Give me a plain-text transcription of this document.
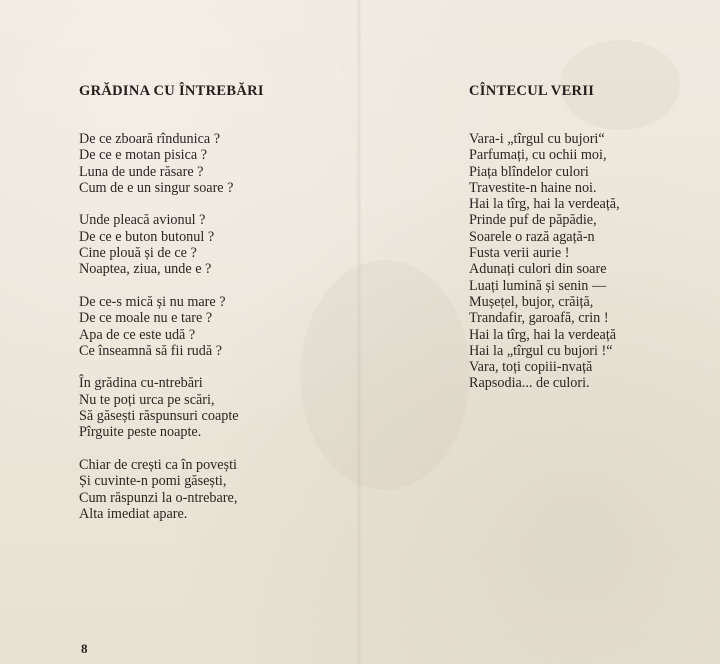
GRĂDINA CU ÎNTREBĂRI
De ce zboară rîndunica ?
De ce e motan pisica ?
Luna de unde răsare ?
Cum de e un singur soare ?
Unde pleacă avionul ?
De ce e buton butonul ?
Cine plouă și de ce ?
Noaptea, ziua, unde e ?
De ce-s mică și nu mare ?
De ce moale nu e tare ?
Apa de ce este udă ?
Ce înseamnă să fii rudă ?
În grădina cu-ntrebări
Nu te poți urca pe scări,
Să găsești răspunsuri coapte
Pîrguite peste noapte.
Chiar de crești ca în povești
Și cuvinte-n pomi găsești,
Cum răspunzi la o-ntrebare,
Alta imediat apare.
CÎNTECUL VERII
Vara-i „tîrgul cu bujori“
Parfumați, cu ochii moi,
Piața blîndelor culori
Travestite-n haine noi.
Hai la tîrg, hai la verdeață,
Prinde puf de păpădie,
Soarele o rază agață-n
Fusta verii aurie !
Adunați culori din soare
Luați lumină și senin —
Mușețel, bujor, crăiță,
Trandafir, garoafă, crin !
Hai la tîrg, hai la verdeață
Hai la „tîrgul cu bujori !“
Vara, toți copiii-nvață
Rapsodia... de culori.
8
